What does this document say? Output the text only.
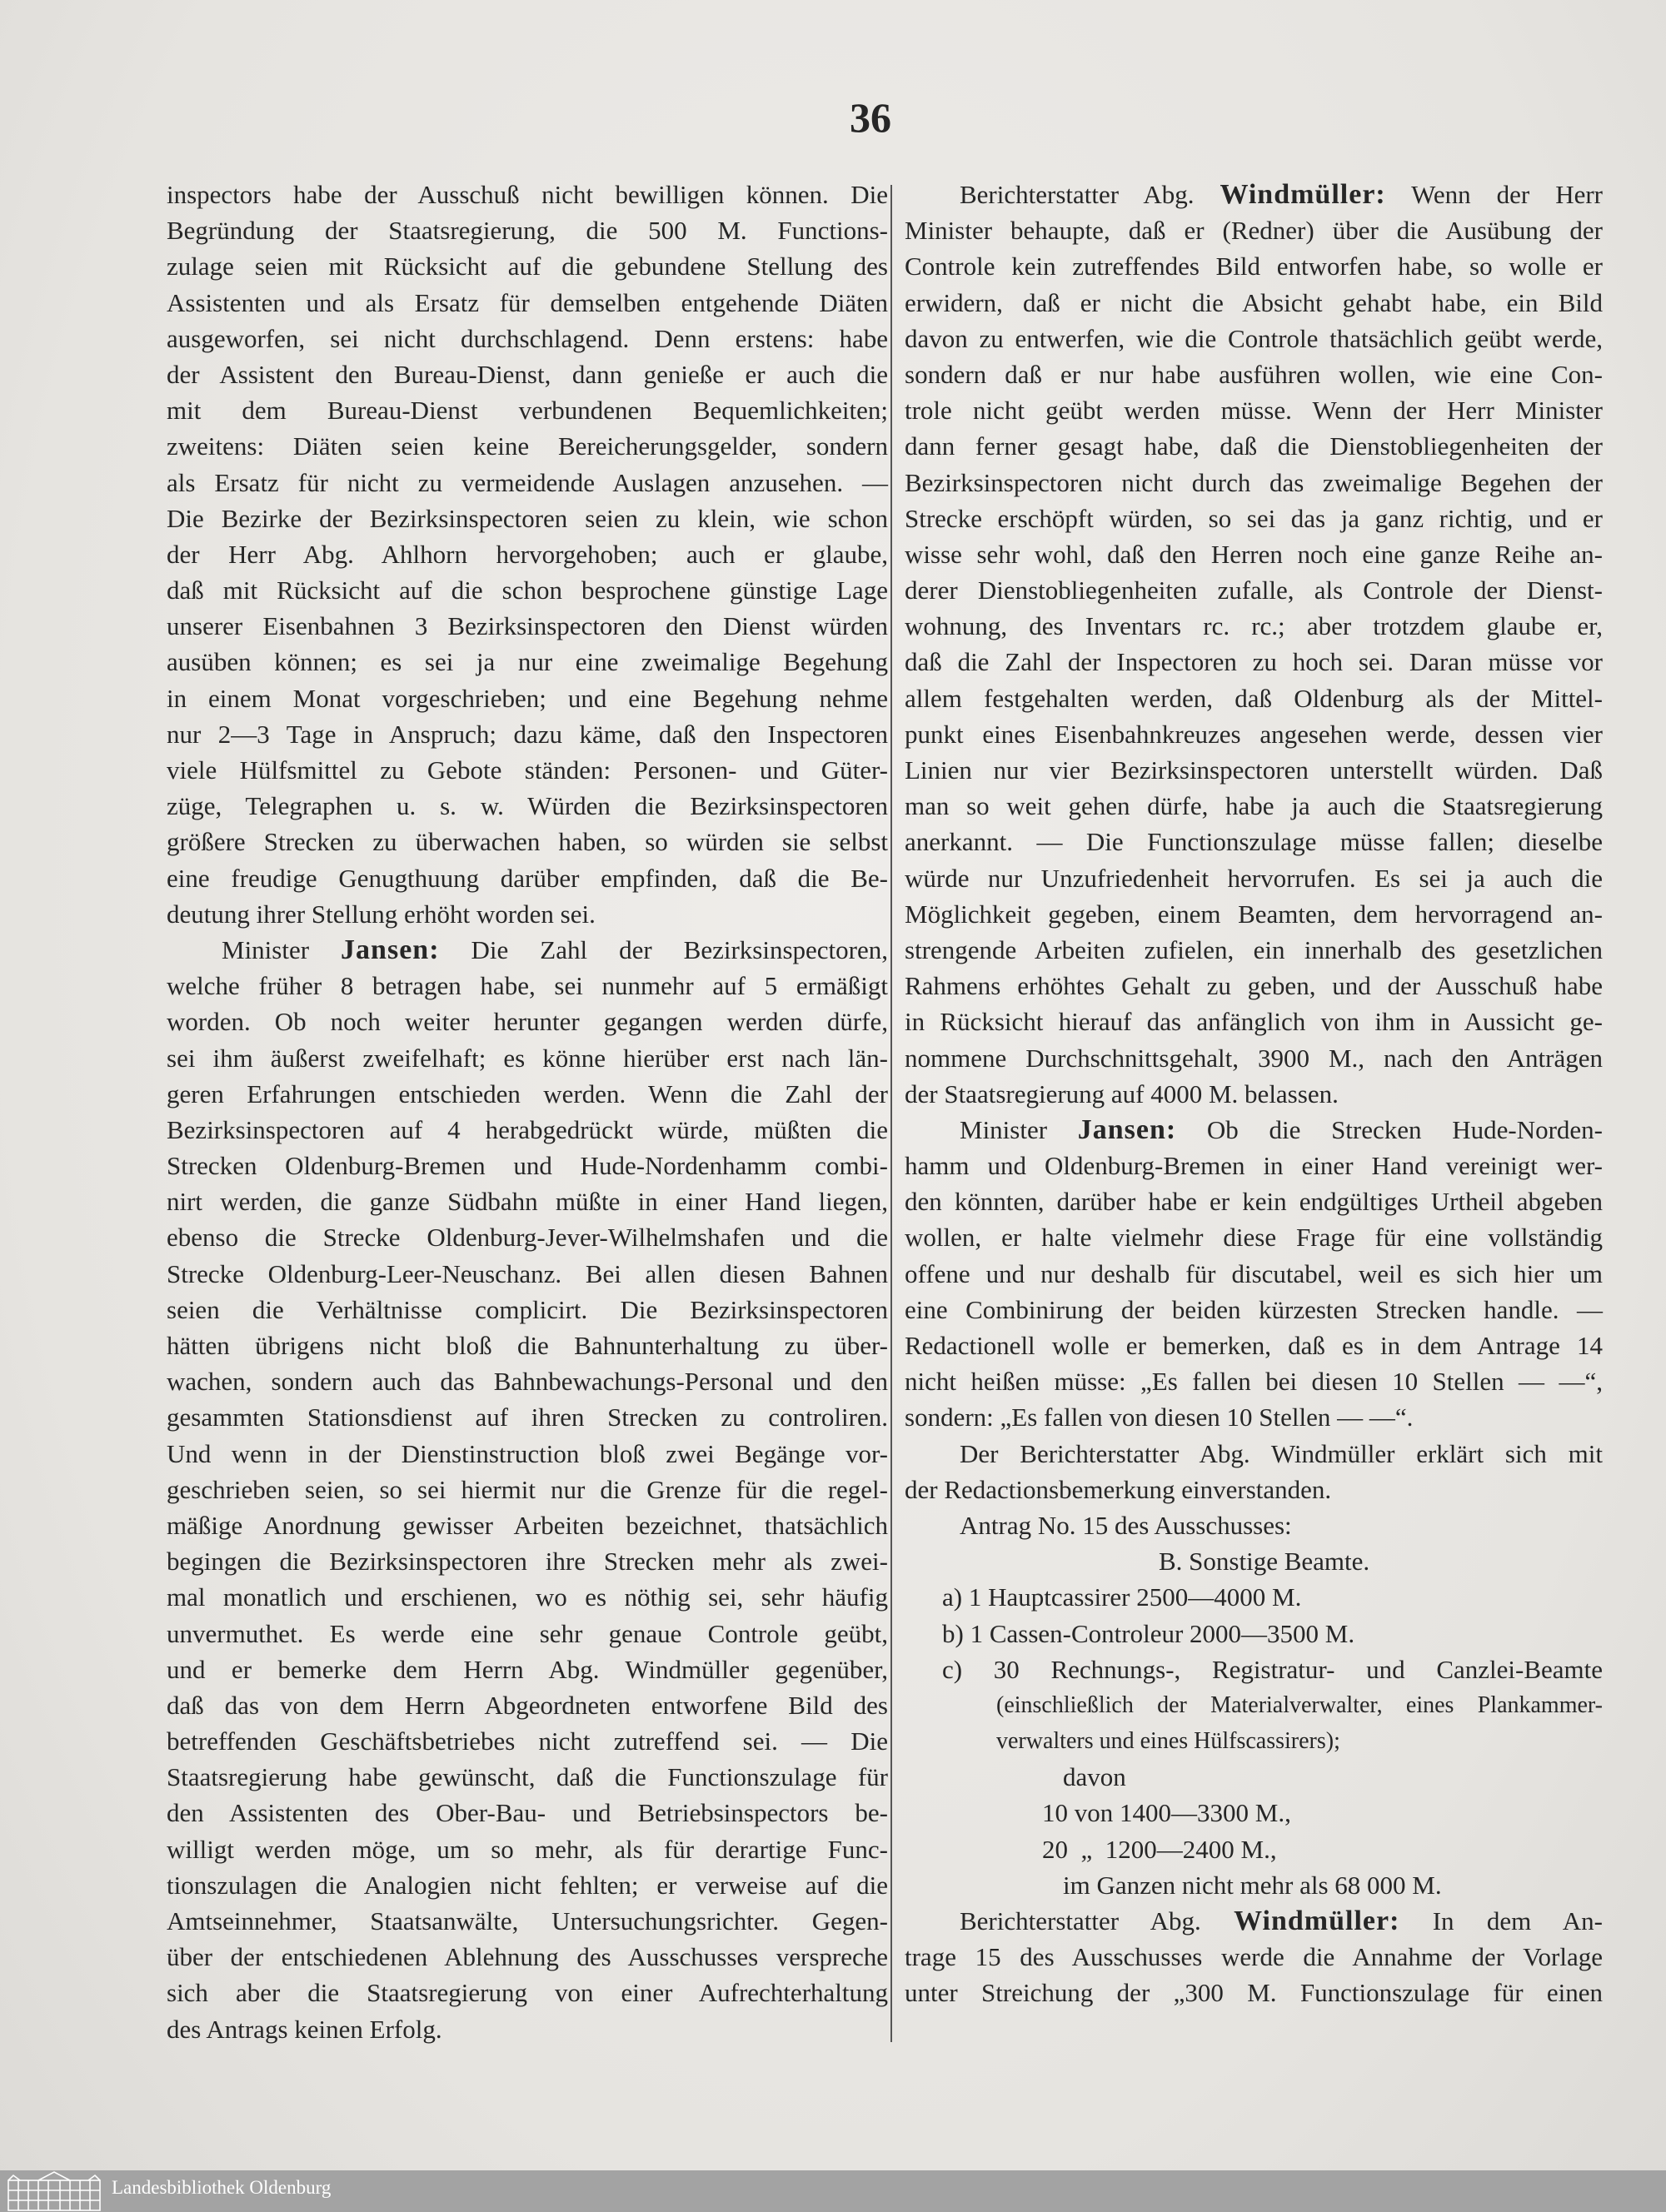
36
inspectors habe der Ausschuß nicht bewilligen können. Die
Begründung der Staatsregierung, die 500 M. Functions-
zulage seien mit Rücksicht auf die gebundene Stellung des
Assistenten und als Ersatz für demselben entgehende Diäten
ausgeworfen, sei nicht durchschlagend. Denn erstens: habe
der Assistent den Bureau-Dienst, dann genieße er auch die
mit dem Bureau-Dienst verbundenen Bequemlichkeiten;
zweitens: Diäten seien keine Bereicherungsgelder, sondern
als Ersatz für nicht zu vermeidende Auslagen anzusehen. —
Die Bezirke der Bezirksinspectoren seien zu klein, wie schon
der Herr Abg. Ahlhorn hervorgehoben; auch er glaube,
daß mit Rücksicht auf die schon besprochene günstige Lage
unserer Eisenbahnen 3 Bezirksinspectoren den Dienst würden
ausüben können; es sei ja nur eine zweimalige Begehung
in einem Monat vorgeschrieben; und eine Begehung nehme
nur 2—3 Tage in Anspruch; dazu käme, daß den Inspectoren
viele Hülfsmittel zu Gebote ständen: Personen- und Güter-
züge, Telegraphen u. s. w. Würden die Bezirksinspectoren
größere Strecken zu überwachen haben, so würden sie selbst
eine freudige Genugthuung darüber empfinden, daß die Be-
deutung ihrer Stellung erhöht worden sei.
Minister Jansen: Die Zahl der Bezirksinspectoren,
welche früher 8 betragen habe, sei nunmehr auf 5 ermäßigt
worden. Ob noch weiter herunter gegangen werden dürfe,
sei ihm äußerst zweifelhaft; es könne hierüber erst nach län-
geren Erfahrungen entschieden werden. Wenn die Zahl der
Bezirksinspectoren auf 4 herabgedrückt würde, müßten die
Strecken Oldenburg-Bremen und Hude-Nordenhamm combi-
nirt werden, die ganze Südbahn müßte in einer Hand liegen,
ebenso die Strecke Oldenburg-Jever-Wilhelmshafen und die
Strecke Oldenburg-Leer-Neuschanz. Bei allen diesen Bahnen
seien die Verhältnisse complicirt. Die Bezirksinspectoren
hätten übrigens nicht bloß die Bahnunterhaltung zu über-
wachen, sondern auch das Bahnbewachungs-Personal und den
gesammten Stationsdienst auf ihren Strecken zu controliren.
Und wenn in der Dienstinstruction bloß zwei Begänge vor-
geschrieben seien, so sei hiermit nur die Grenze für die regel-
mäßige Anordnung gewisser Arbeiten bezeichnet, thatsächlich
begingen die Bezirksinspectoren ihre Strecken mehr als zwei-
mal monatlich und erschienen, wo es nöthig sei, sehr häufig
unvermuthet. Es werde eine sehr genaue Controle geübt,
und er bemerke dem Herrn Abg. Windmüller gegenüber,
daß das von dem Herrn Abgeordneten entworfene Bild des
betreffenden Geschäftsbetriebes nicht zutreffend sei. — Die
Staatsregierung habe gewünscht, daß die Functionszulage für
den Assistenten des Ober-Bau- und Betriebsinspectors be-
willigt werden möge, um so mehr, als für derartige Func-
tionszulagen die Analogien nicht fehlten; er verweise auf die
Amtseinnehmer, Staatsanwälte, Untersuchungsrichter. Gegen-
über der entschiedenen Ablehnung des Ausschusses verspreche
sich aber die Staatsregierung von einer Aufrechterhaltung
des Antrags keinen Erfolg.
Berichterstatter Abg. Windmüller: Wenn der Herr
Minister behaupte, daß er (Redner) über die Ausübung der
Controle kein zutreffendes Bild entworfen habe, so wolle er
erwidern, daß er nicht die Absicht gehabt habe, ein Bild
davon zu entwerfen, wie die Controle thatsächlich geübt werde,
sondern daß er nur habe ausführen wollen, wie eine Con-
trole nicht geübt werden müsse. Wenn der Herr Minister
dann ferner gesagt habe, daß die Dienstobliegenheiten der
Bezirksinspectoren nicht durch das zweimalige Begehen der
Strecke erschöpft würden, so sei das ja ganz richtig, und er
wisse sehr wohl, daß den Herren noch eine ganze Reihe an-
derer Dienstobliegenheiten zufalle, als Controle der Dienst-
wohnung, des Inventars rc. rc.; aber trotzdem glaube er,
daß die Zahl der Inspectoren zu hoch sei. Daran müsse vor
allem festgehalten werden, daß Oldenburg als der Mittel-
punkt eines Eisenbahnkreuzes angesehen werde, dessen vier
Linien nur vier Bezirksinspectoren unterstellt würden. Daß
man so weit gehen dürfe, habe ja auch die Staatsregierung
anerkannt. — Die Functionszulage müsse fallen; dieselbe
würde nur Unzufriedenheit hervorrufen. Es sei ja auch die
Möglichkeit gegeben, einem Beamten, dem hervorragend an-
strengende Arbeiten zufielen, ein innerhalb des gesetzlichen
Rahmens erhöhtes Gehalt zu geben, und der Ausschuß habe
in Rücksicht hierauf das anfänglich von ihm in Aussicht ge-
nommene Durchschnittsgehalt, 3900 M., nach den Anträgen
der Staatsregierung auf 4000 M. belassen.
Minister Jansen: Ob die Strecken Hude-Norden-
hamm und Oldenburg-Bremen in einer Hand vereinigt wer-
den könnten, darüber habe er kein endgültiges Urtheil abgeben
wollen, er halte vielmehr diese Frage für eine vollständig
offene und nur deshalb für discutabel, weil es sich hier um
eine Combinirung der beiden kürzesten Strecken handle. —
Redactionell wolle er bemerken, daß es in dem Antrage 14
nicht heißen müsse: „Es fallen bei diesen 10 Stellen — —“,
sondern: „Es fallen von diesen 10 Stellen — —“.
Der Berichterstatter Abg. Windmüller erklärt sich mit
der Redactionsbemerkung einverstanden.
Antrag No. 15 des Ausschusses:
B. Sonstige Beamte.
a) 1 Hauptcassirer 2500—4000 M.
b) 1 Cassen-Controleur 2000—3500 M.
c) 30 Rechnungs-, Registratur- und Canzlei-Beamte
(einschließlich der Materialverwalter, eines Plankammer-
verwalters und eines Hülfscassirers);
davon
10 von 1400—3300 M.,
20  „  1200—2400 M.,
im Ganzen nicht mehr als 68 000 M.
Berichterstatter Abg. Windmüller: In dem An-
trage 15 des Ausschusses werde die Annahme der Vorlage
unter Streichung der „300 M. Functionszulage für einen
Landesbibliothek Oldenburg
